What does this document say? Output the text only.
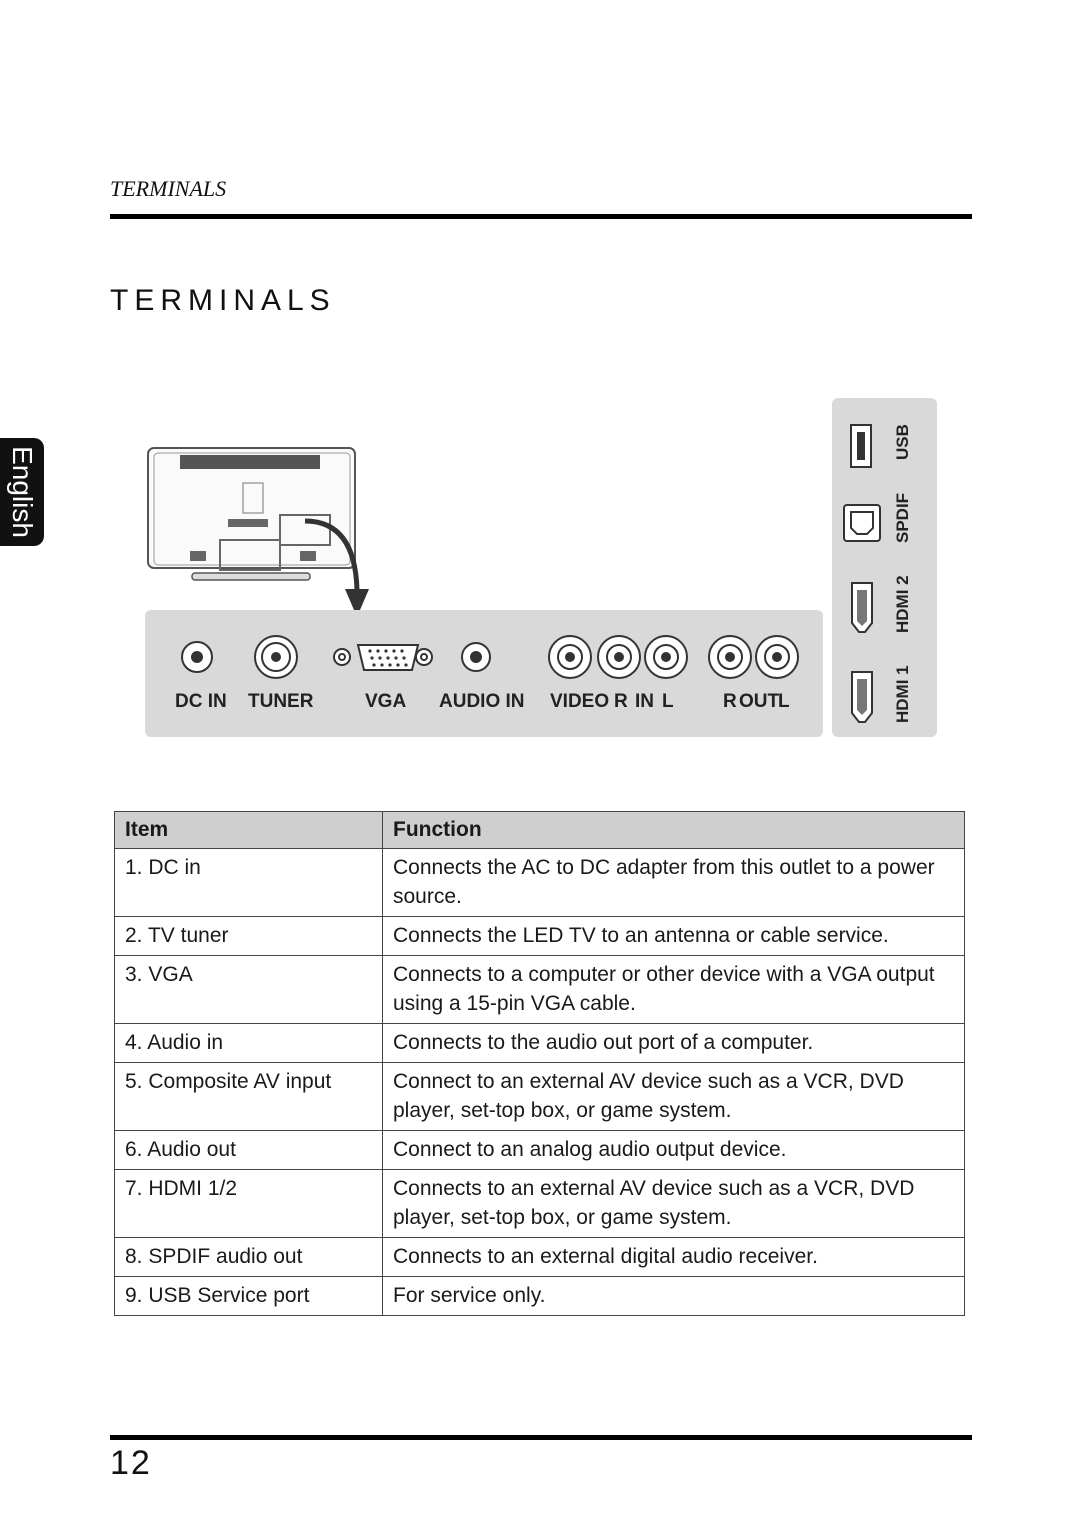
TERMINALS
TERMINALS
English
DC IN TUNER	VGA AUDIO IN VIDEO R IN L	R OUT
L
USB
SPDIF
HDMI 2
HDMI 1
Item	Function
1. DC in	Connects the AC to DC adapter from this outlet to a power source.
2. TV tuner	Connects the LED TV to an antenna or cable service.
3. VGA	Connects to a computer or other device with a VGA output using a 15-pin VGA cable.
4. Audio in	Connects to the audio out port of a computer.
5. Composite AV input	Connect to an external AV device such as a VCR, DVD player, set-top box, or game system.
6. Audio out	Connect to an analog audio output device.
7. HDMI 1/2	Connects to an external AV device such as a VCR, DVD player, set-top box, or game system.
8. SPDIF audio out	Connects to an external digital audio receiver.
9. USB Service port	For service only.
12
